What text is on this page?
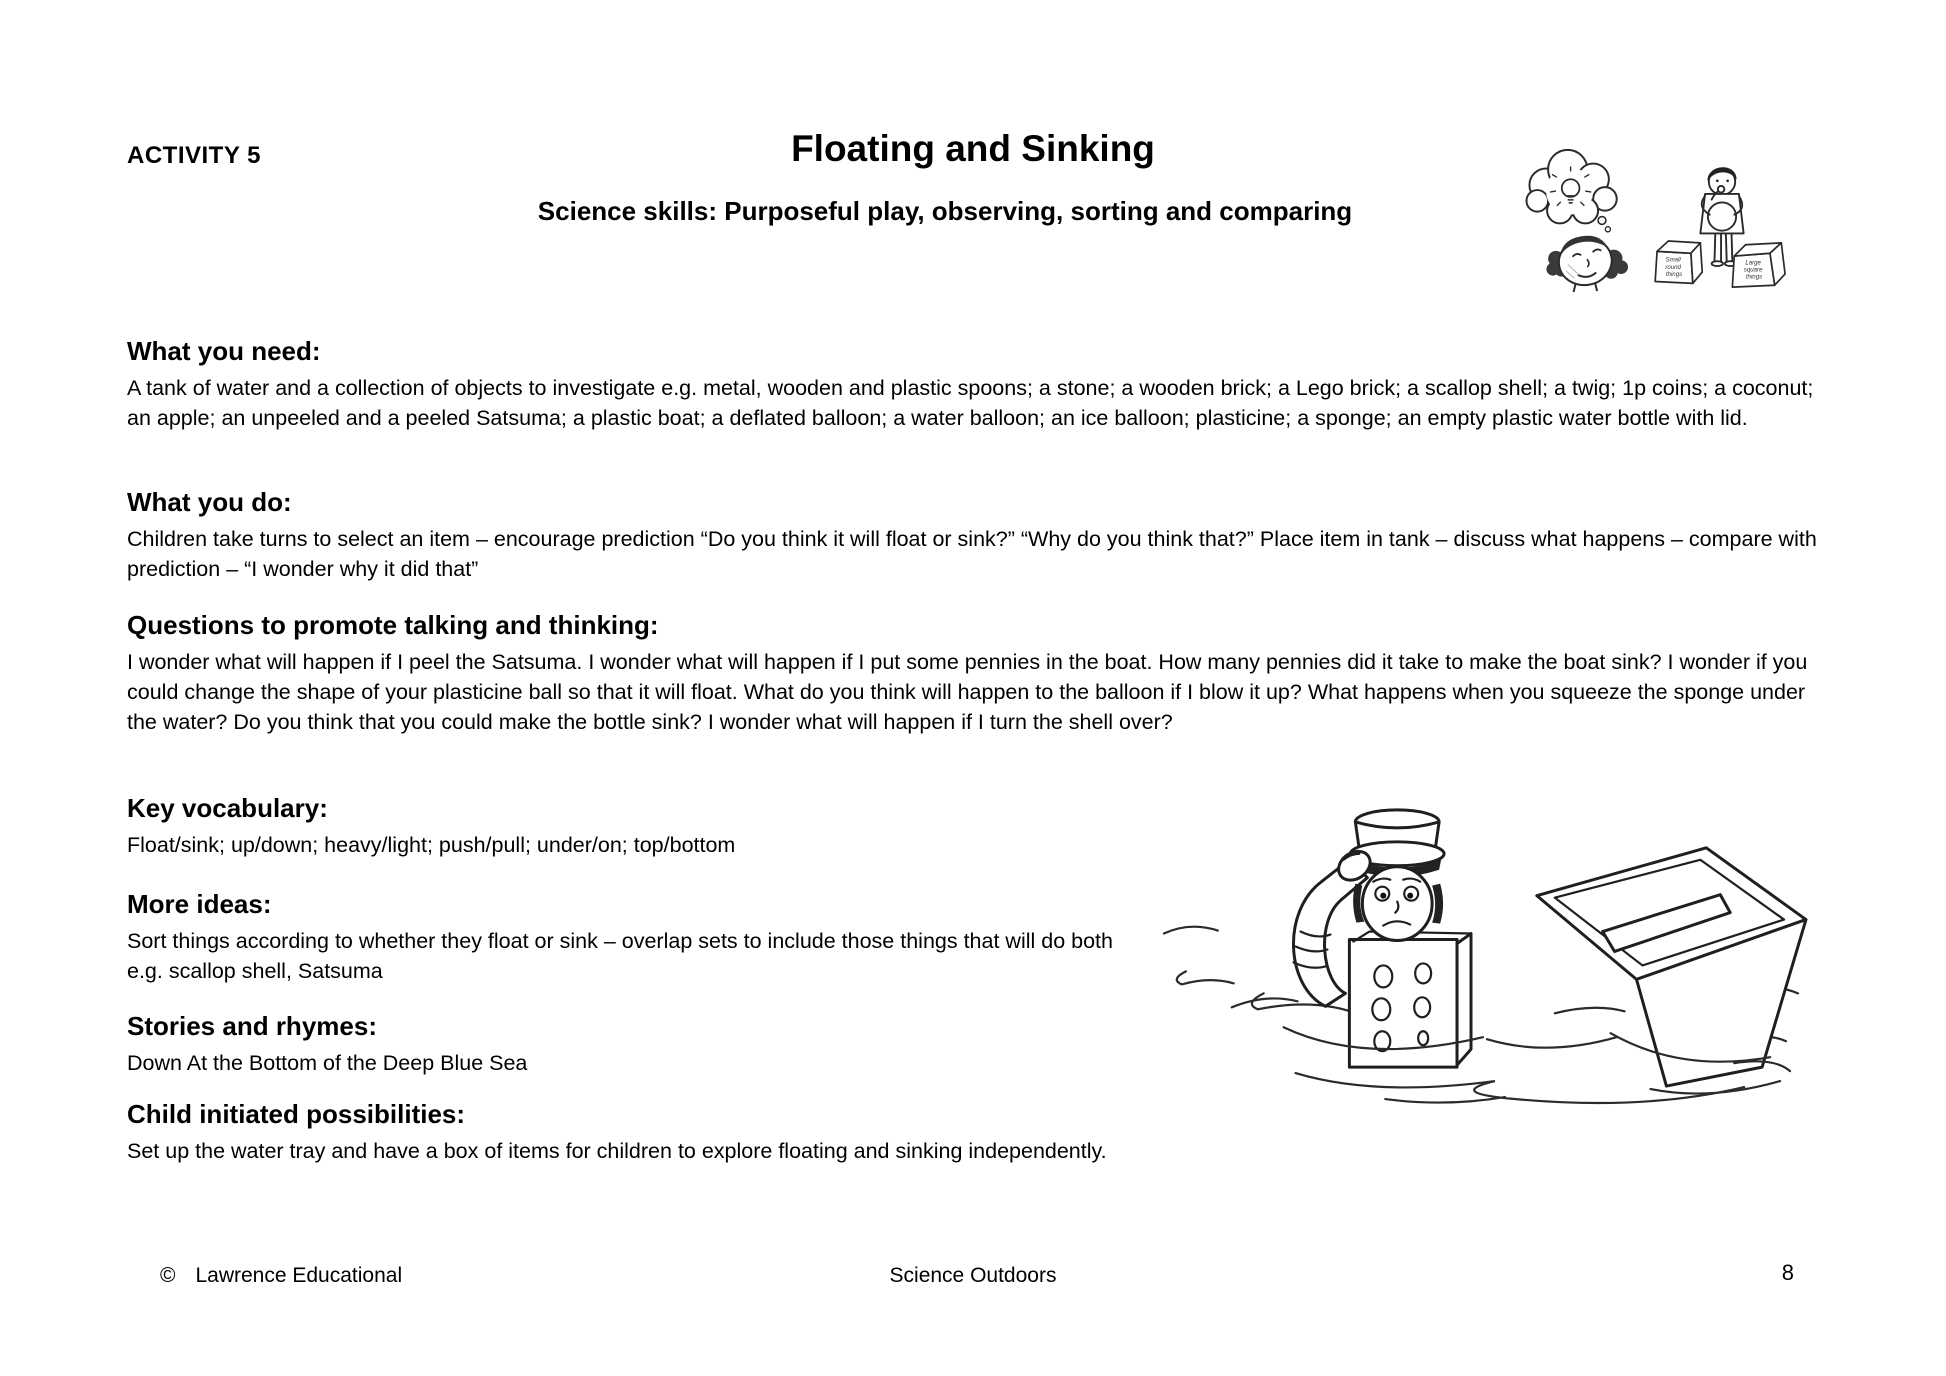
ACTIVITY 5	Floating and Sinking
Science skills: Purposeful play, observing, sorting and comparing
Small round things
Large square things
What you need:

A tank of water and a collection of objects to investigate e.g. metal, wooden and plastic spoons; a stone; a wooden brick; a Lego brick; a scallop shell; a twig; 1p coins; a coconut; an apple; an unpeeled and a peeled Satsuma; a plastic boat; a deflated balloon; a water balloon; an ice balloon; plasticine; a sponge; an empty plastic water bottle with lid.

What you do:

Children take turns to select an item – encourage prediction “Do you think it will float or sink?” “Why do you think that?” Place item in tank – discuss what happens – compare with prediction – “I wonder why it did that”

Questions to promote talking and thinking:

I wonder what will happen if I peel the Satsuma. I wonder what will happen if I put some pennies in the boat. How many pennies did it take to make the boat sink? I wonder if you could change the shape of your plasticine ball so that it will float. What do you think will happen to the balloon if I blow it up? What happens when you squeeze the sponge under the water? Do you think that you could make the bottle sink? I wonder what will happen if I turn the shell over?

Key vocabulary:

Float/sink; up/down; heavy/light; push/pull; under/on; top/bottom

More ideas:

Sort things according to whether they float or sink – overlap sets to include those things that will do both e.g. scallop shell, Satsuma

Stories and rhymes:

Down At the Bottom of the Deep Blue Sea

Child initiated possibilities:

Set up the water tray and have a box of items for children to explore floating and sinking independently.

© Lawrence Educational	Science Outdoors	8
